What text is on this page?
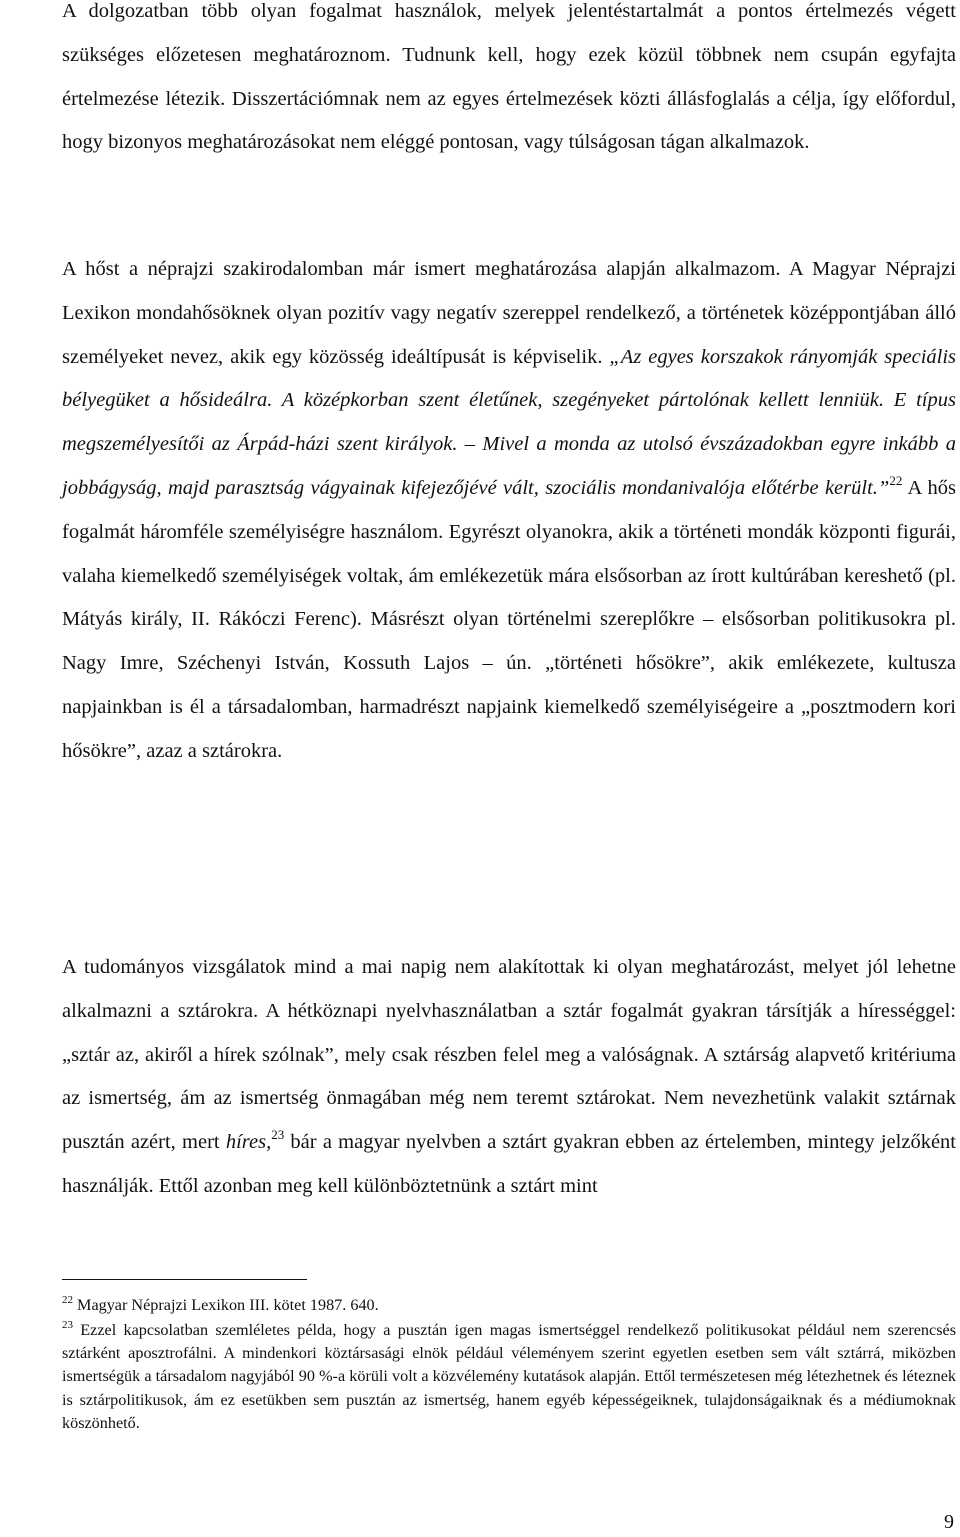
A dolgozatban több olyan fogalmat használok, melyek jelentéstartalmát a pontos értelmezés végett szükséges előzetesen meghatároznom. Tudnunk kell, hogy ezek közül többnek nem csupán egyfajta értelmezése létezik. Disszertációmnak nem az egyes értelmezések közti állásfoglalás a célja, így előfordul, hogy bizonyos meghatározásokat nem eléggé pontosan, vagy túlságosan tágan alkalmazok.

A hőst a néprajzi szakirodalomban már ismert meghatározása alapján alkalmazom. A Magyar Néprajzi Lexikon mondahősöknek olyan pozitív vagy negatív szereppel rendelkező, a történetek középpontjában álló személyeket nevez, akik egy közösség ideáltípusát is képviselik. „Az egyes korszakok rányomják speciális bélyegüket a hősideálra. A középkorban szent életűnek, szegényeket pártolónak kellett lenniük. E típus megszemélyesítői az Árpád-házi szent királyok. – Mivel a monda az utolsó évszázadokban egyre inkább a jobbágyság, majd parasztság vágyainak kifejezőjévé vált, szociális mondanivalója előtérbe került.”$^{22}$ A hős fogalmát háromféle személyiségre használom. Egyrészt olyanokra, akik a történeti mondák központi figurái, valaha kiemelkedő személyiségek voltak, ám emlékezetük mára elsősorban az írott kultúrában kereshető (pl. Mátyás király, II. Rákóczi Ferenc). Másrészt olyan történelmi szereplőkre – elsősorban politikusokra pl. Nagy Imre, Széchenyi István, Kossuth Lajos – ún. „történeti hősökre”, akik emlékezete, kultusza napjainkban is él a társadalomban, harmadrészt napjaink kiemelkedő személyiségeire a „posztmodern kori hősökre”, azaz a sztárokra.

A tudományos vizsgálatok mind a mai napig nem alakítottak ki olyan meghatározást, melyet jól lehetne alkalmazni a sztárokra. A hétköznapi nyelvhasználatban a sztár fogalmát gyakran társítják a hírességgel: „sztár az, akiről a hírek szólnak”, mely csak részben felel meg a valóságnak. A sztárság alapvető kritériuma az ismertség, ám az ismertség önmagában még nem teremt sztárokat. Nem nevezhetünk valakit sztárnak pusztán azért, mert híres,$^{23}$ bár a magyar nyelvben a sztárt gyakran ebben az értelemben, mintegy jelzőként használják. Ettől azonban meg kell különböztetnünk a sztárt mint

$^{22}$ Magyar Néprajzi Lexikon III. kötet 1987. 640.

$^{23}$ Ezzel kapcsolatban szemléletes példa, hogy a pusztán igen magas ismertséggel rendelkező politikusokat például nem szerencsés sztárként aposztrofálni. A mindenkori köztársasági elnök például véleményem szerint egyetlen esetben sem vált sztárrá, miközben ismertségük a társadalom nagyjából 90 %-a körüli volt a közvélemény kutatások alapján. Ettől természetesen még létezhetnek és léteznek is sztárpolitikusok, ám ez esetükben sem pusztán az ismertség, hanem egyéb képességeiknek, tulajdonságaiknak és a médiumoknak köszönhető.

9
